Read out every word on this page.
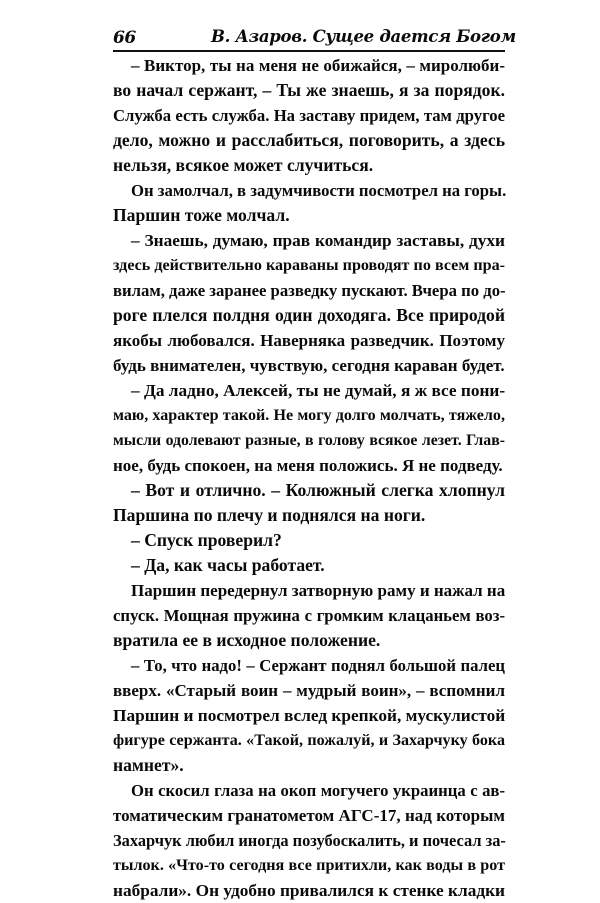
66	В. Азаров. Сущее дается Богом
– Виктор, ты на меня не обижайся, – миролюби-
во начал сержант, – Ты же знаешь, я за порядок.
Служба есть служба. На заставу придем, там другое
дело, можно и расслабиться, поговорить, а здесь
нельзя, всякое может случиться.
Он замолчал, в задумчивости посмотрел на горы.
Паршин тоже молчал.
– Знаешь, думаю, прав командир заставы, духи
здесь действительно караваны проводят по всем пра-
вилам, даже заранее разведку пускают. Вчера по до-
роге плелся полдня один доходяга. Все природой
якобы любовался. Наверняка разведчик. Поэтому
будь внимателен, чувствую, сегодня караван будет.
– Да ладно, Алексей, ты не думай, я ж все пони-
маю, характер такой. Не могу долго молчать, тяжело,
мысли одолевают разные, в голову всякое лезет. Глав-
ное, будь спокоен, на меня положись. Я не подведу.
– Вот и отлично. – Колюжный слегка хлопнул
Паршина по плечу и поднялся на ноги.
– Спуск проверил?
– Да, как часы работает.
Паршин передернул затворную раму и нажал на
спуск. Мощная пружина с громким клацаньем воз-
вратила ее в исходное положение.
– То, что надо! – Сержант поднял большой палец
вверх. «Старый воин – мудрый воин», – вспомнил
Паршин и посмотрел вслед крепкой, мускулистой
фигуре сержанта. «Такой, пожалуй, и Захарчуку бока
намнет».
Он скосил глаза на окоп могучего украинца с ав-
томатическим гранатометом АГС-17, над которым
Захарчук любил иногда позубоскалить, и почесал за-
тылок. «Что-то сегодня все притихли, как воды в рот
набрали». Он удобно привалился к стенке кладки
